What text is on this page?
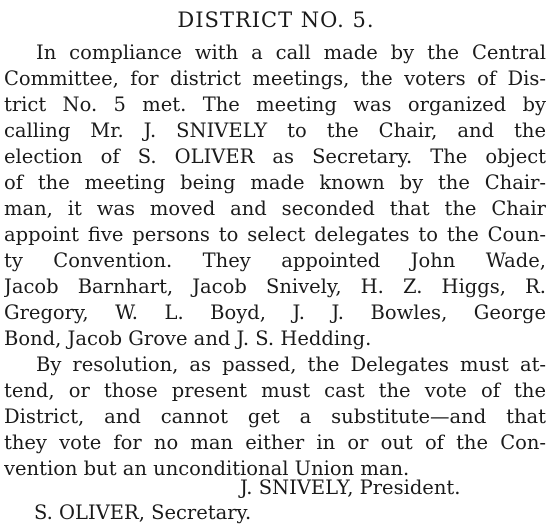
DISTRICT NO. 5.
In compliance with a call made by the Central
Committee, for district meetings, the voters of Dis-
trict No. 5 met. The meeting was organized by
calling Mr. J. SNIVELY to the Chair, and the
election of S. OLIVER as Secretary. The object
of the meeting being made known by the Chair-
man, it was moved and seconded that the Chair
appoint five persons to select delegates to the Coun-
ty Convention. They appointed John Wade,
Jacob Barnhart, Jacob Snively, H. Z. Higgs, R.
Gregory, W. L. Boyd, J. J. Bowles, George
Bond, Jacob Grove and J. S. Hedding.
By resolution, as passed, the Delegates must at-
tend, or those present must cast the vote of the
District, and cannot get a substitute—and that
they vote for no man either in or out of the Con-
vention but an unconditional Union man.
J. SNIVELY, President.
S. OLIVER, Secretary.
